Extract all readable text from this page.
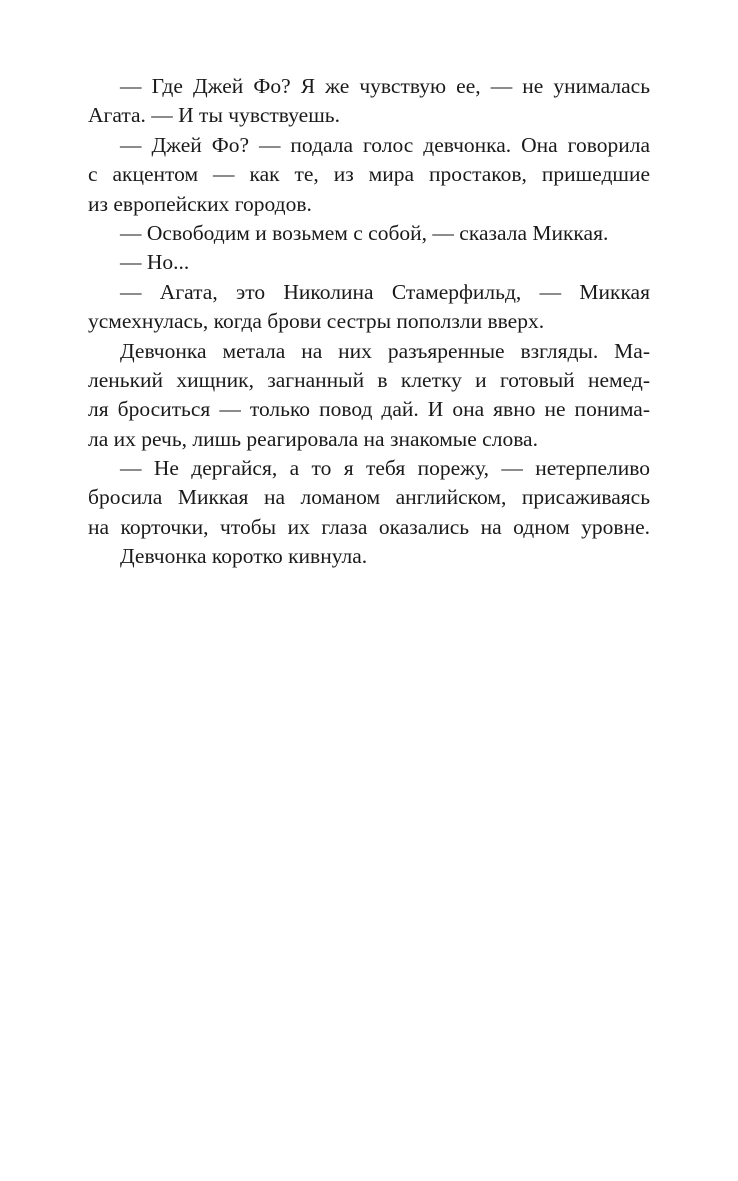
— Где Джей Фо? Я же чувствую ее, — не унималась
Агата. — И ты чувствуешь.

— Джей Фо? — подала голос девчонка. Она говорила
с акцентом — как те, из мира простаков, пришедшие
из европейских городов.

— Освободим и возьмем с собой, — сказала Миккая.

— Но...

— Агата, это Николина Стамерфильд, — Миккая
усмехнулась, когда брови сестры поползли вверх.

Девчонка метала на них разъяренные взгляды. Ма-
ленький хищник, загнанный в клетку и готовый немед-
ля броситься — только повод дай. И она явно не понима-
ла их речь, лишь реагировала на знакомые слова.

— Не дергайся, а то я тебя порежу, — нетерпеливо
бросила Миккая на ломаном английском, присаживаясь
на корточки, чтобы их глаза оказались на одном уровне.

Девчонка коротко кивнула.
